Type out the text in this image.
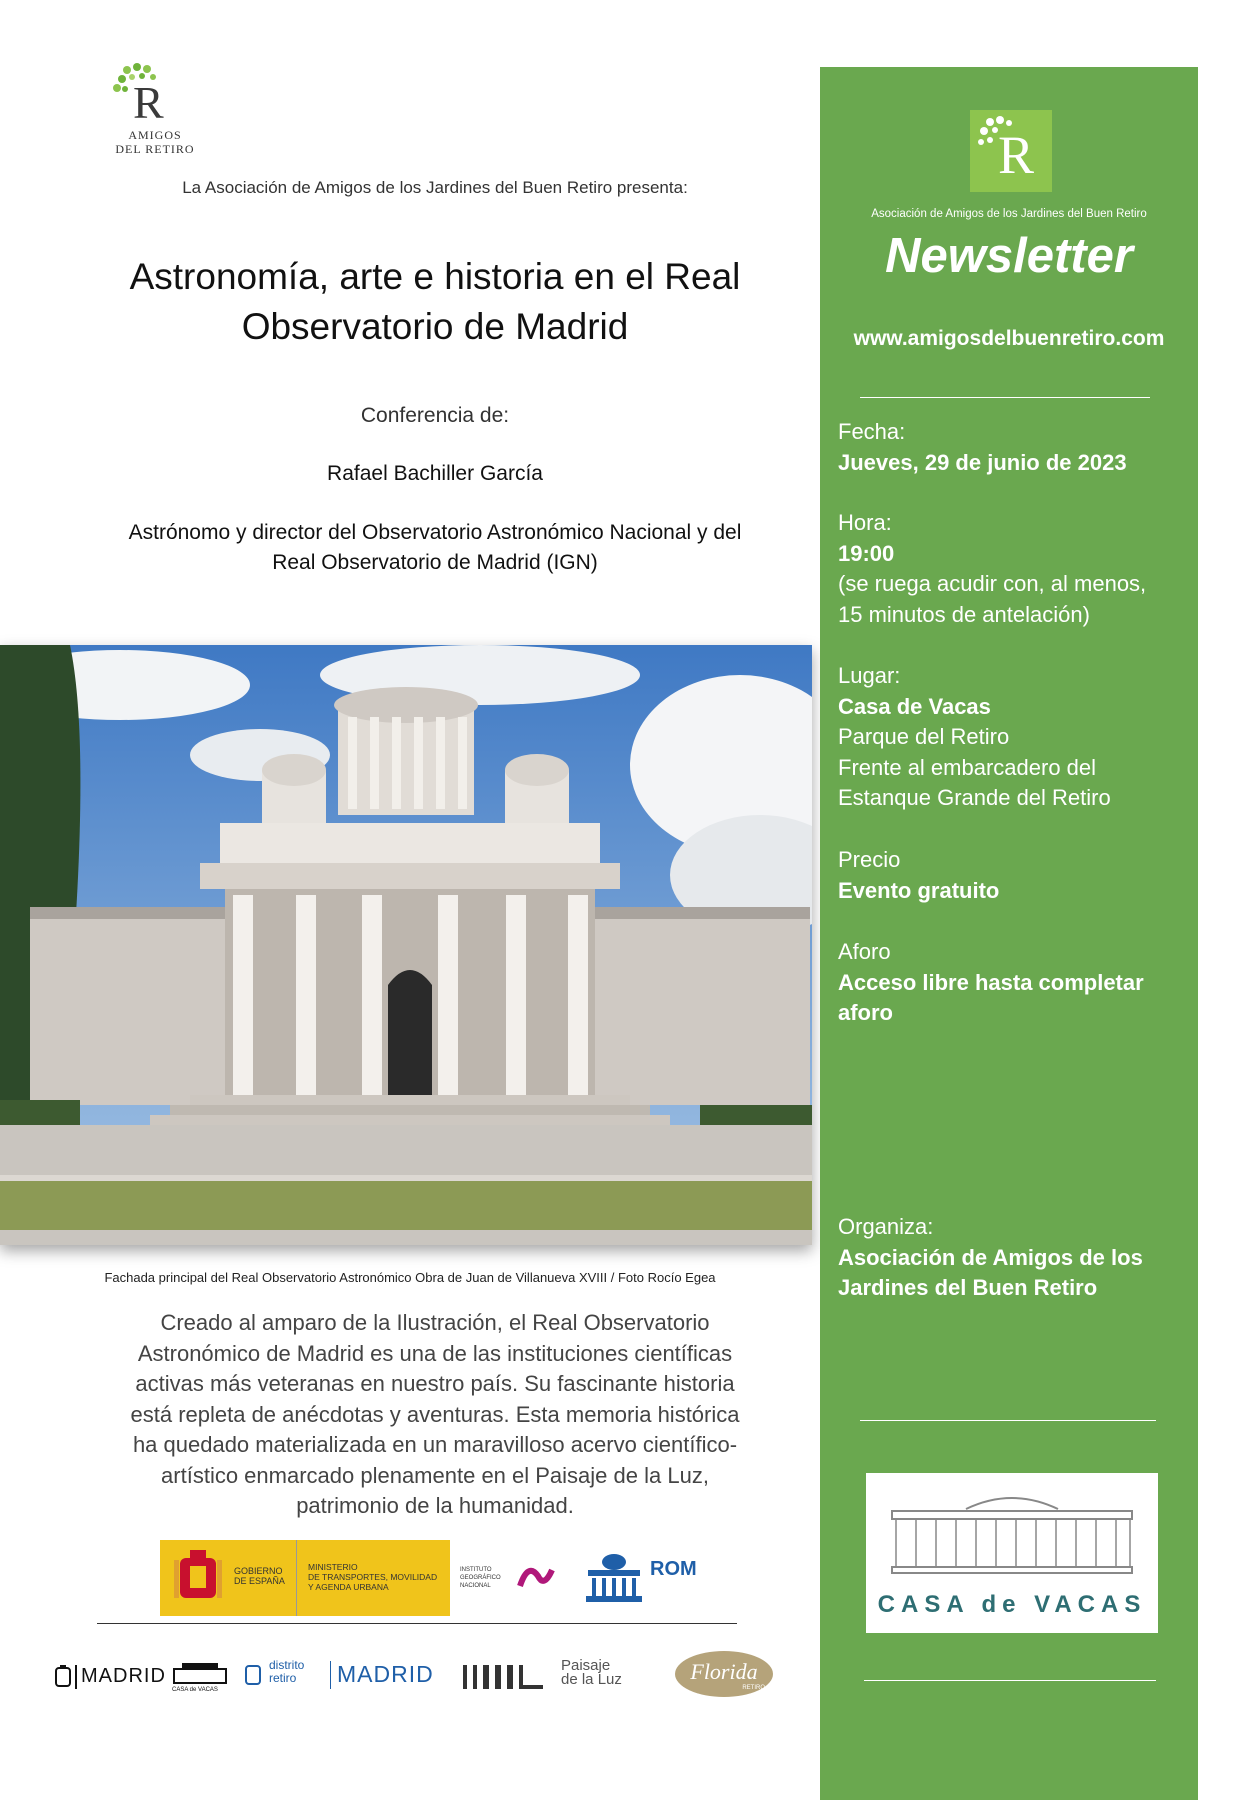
R
AMIGOS
DEL RETIRO
La Asociación de Amigos de los Jardines del Buen Retiro presenta:
Astronomía, arte e historia en el Real
Observatorio de Madrid
Conferencia de:
Rafael Bachiller García
Astrónomo y director del Observatorio Astronómico Nacional y del
Real Observatorio de Madrid (IGN)
Fachada principal del Real Observatorio Astronómico Obra de Juan de Villanueva XVIII / Foto Rocío Egea
Creado al amparo de la Ilustración, el Real Observatorio
Astronómico de Madrid es una de las instituciones científicas
activas más veteranas en nuestro país. Su fascinante historia
está repleta de anécdotas y aventuras. Esta memoria histórica
ha quedado materializada en un maravilloso acervo científico-
artístico enmarcado plenamente en el Paisaje de la Luz,
patrimonio de la humanidad.
GOBIERNO
DE ESPAÑA
MINISTERIO
DE TRANSPORTES, MOVILIDAD
Y AGENDA URBANA
INSTITUTO
GEOGRÁFICO
NACIONAL
ROM
MADRID
CASA de VACAS
distrito
retiro	MADRID	Paisaje
de la Luz	Florida
RETIRO
R
Asociación de Amigos de los Jardines del Buen Retiro
Newsletter
www.amigosdelbuenretiro.com
Fecha:
Jueves, 29 de junio de 2023
Hora:
19:00
(se ruega acudir con, al menos,
15 minutos de antelación)
Lugar:
Casa de Vacas
Parque del Retiro
Frente al embarcadero del
Estanque Grande del Retiro
Precio
Evento gratuito
Aforo
Acceso libre hasta completar
aforo
Organiza:
Asociación de Amigos de los
Jardines del Buen Retiro
CASA de VACAS
